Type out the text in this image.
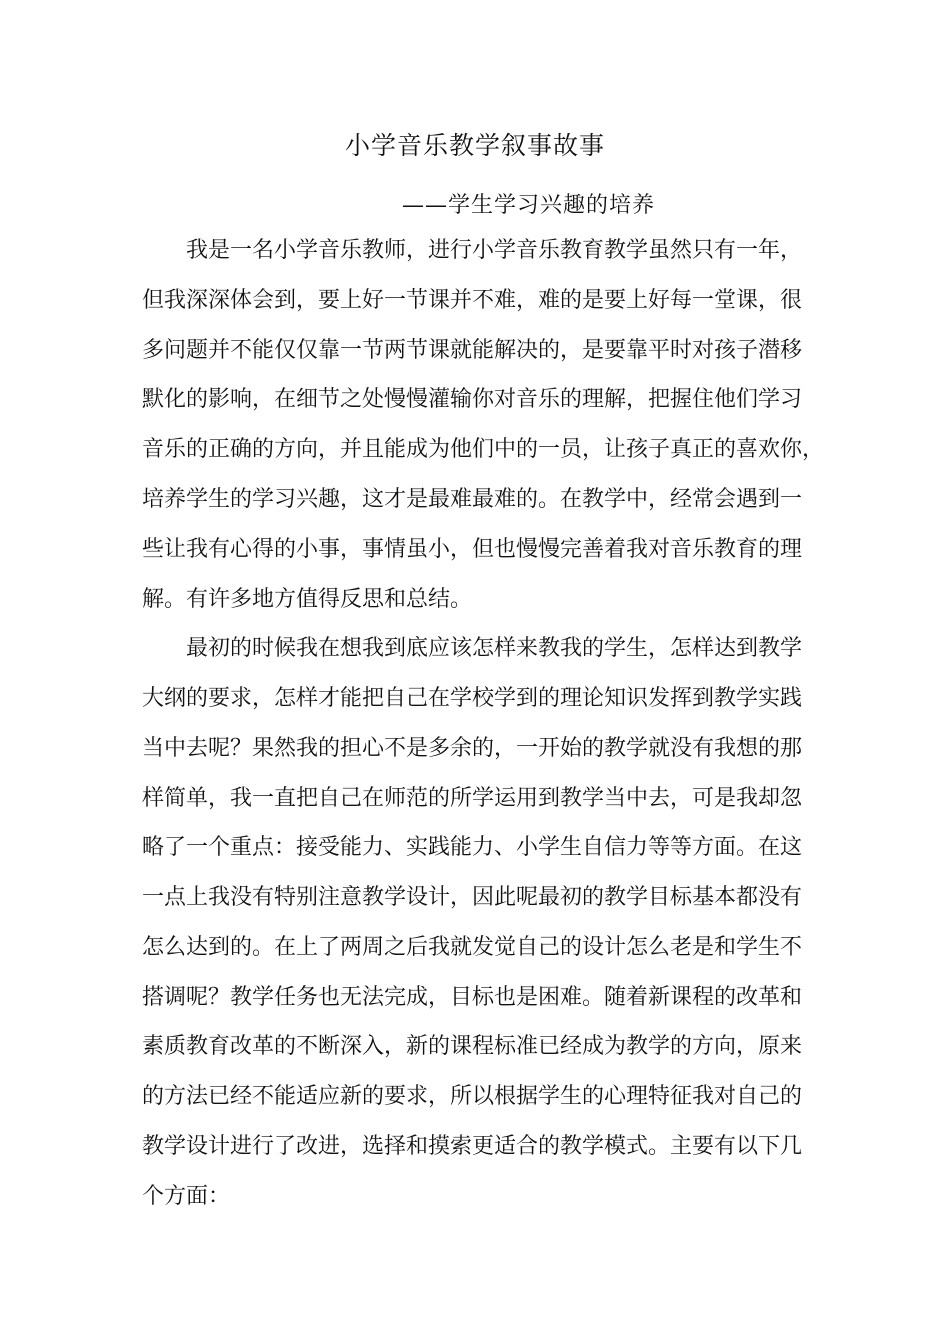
小学音乐教学叙事故事
——学生学习兴趣的培养
我是一名小学音乐教师，进行小学音乐教育教学虽然只有一年，
但我深深体会到，要上好一节课并不难，难的是要上好每一堂课，很
多问题并不能仅仅靠一节两节课就能解决的，是要靠平时对孩子潜移
默化的影响，在细节之处慢慢灌输你对音乐的理解，把握住他们学习
音乐的正确的方向，并且能成为他们中的一员，让孩子真正的喜欢你，
培养学生的学习兴趣，这才是最难最难的。在教学中，经常会遇到一
些让我有心得的小事，事情虽小，但也慢慢完善着我对音乐教育的理
解。有许多地方值得反思和总结。
最初的时候我在想我到底应该怎样来教我的学生，怎样达到教学
大纲的要求，怎样才能把自己在学校学到的理论知识发挥到教学实践
当中去呢？果然我的担心不是多余的，一开始的教学就没有我想的那
样简单，我一直把自己在师范的所学运用到教学当中去，可是我却忽
略了一个重点：接受能力、实践能力、小学生自信力等等方面。在这
一点上我没有特别注意教学设计，因此呢最初的教学目标基本都没有
怎么达到的。在上了两周之后我就发觉自己的设计怎么老是和学生不
搭调呢？教学任务也无法完成，目标也是困难。随着新课程的改革和
素质教育改革的不断深入，新的课程标准已经成为教学的方向，原来
的方法已经不能适应新的要求，所以根据学生的心理特征我对自己的
教学设计进行了改进，选择和摸索更适合的教学模式。主要有以下几
个方面：
